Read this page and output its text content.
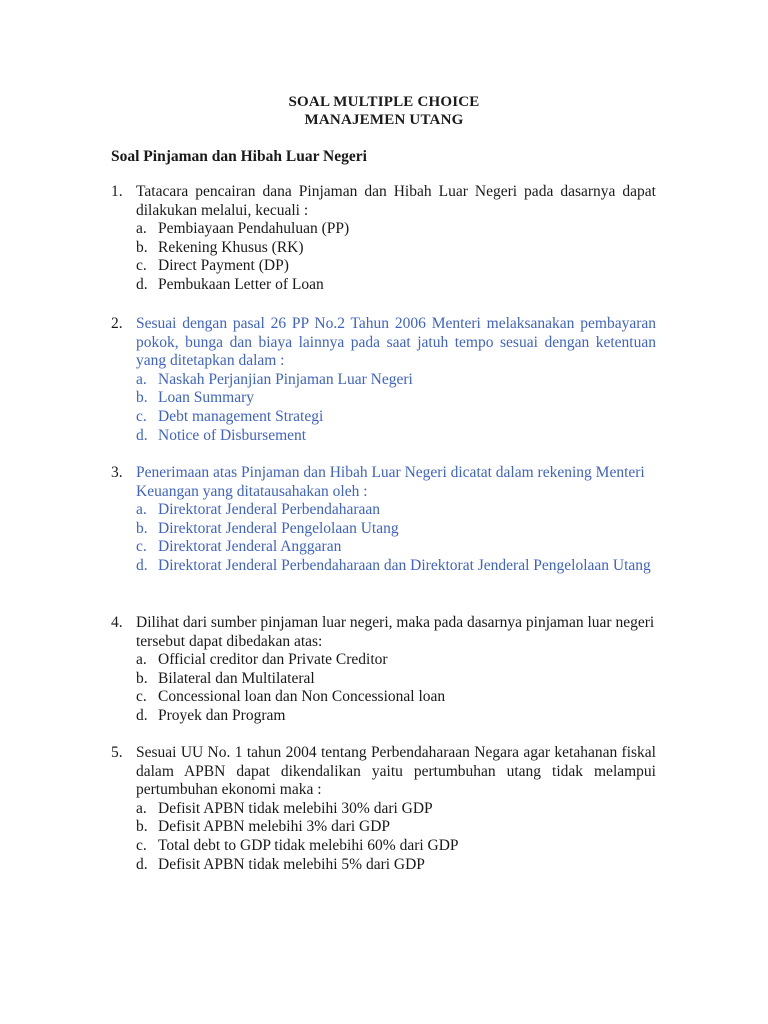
SOAL MULTIPLE CHOICE
MANAJEMEN UTANG
Soal Pinjaman dan Hibah Luar Negeri
1. Tatacara pencairan dana Pinjaman dan Hibah Luar Negeri pada dasarnya dapat dilakukan melalui, kecuali :
a. Pembiayaan Pendahuluan (PP)
b. Rekening Khusus (RK)
c. Direct Payment (DP)
d. Pembukaan Letter of Loan
2. Sesuai dengan pasal 26 PP No.2 Tahun 2006 Menteri melaksanakan pembayaran pokok, bunga dan biaya lainnya pada saat jatuh tempo sesuai dengan ketentuan yang ditetapkan dalam :
a. Naskah Perjanjian Pinjaman Luar Negeri
b. Loan Summary
c. Debt management Strategi
d. Notice of Disbursement
3. Penerimaan atas Pinjaman dan Hibah Luar Negeri dicatat dalam rekening Menteri Keuangan yang ditatausahakan oleh :
a. Direktorat Jenderal Perbendaharaan
b. Direktorat Jenderal Pengelolaan Utang
c. Direktorat Jenderal Anggaran
d. Direktorat Jenderal Perbendaharaan dan Direktorat Jenderal Pengelolaan Utang
4. Dilihat dari sumber pinjaman luar negeri, maka pada dasarnya pinjaman luar negeri tersebut dapat dibedakan atas:
a. Official creditor dan Private Creditor
b. Bilateral dan Multilateral
c. Concessional loan dan Non Concessional loan
d. Proyek dan Program
5. Sesuai UU No. 1 tahun 2004 tentang Perbendaharaan Negara agar ketahanan fiskal dalam APBN dapat dikendalikan yaitu pertumbuhan utang tidak melampui pertumbuhan ekonomi maka :
a. Defisit APBN tidak melebihi 30% dari GDP
b. Defisit APBN melebihi 3% dari GDP
c. Total debt to GDP tidak melebihi 60% dari GDP
d. Defisit APBN tidak melebihi 5% dari GDP
